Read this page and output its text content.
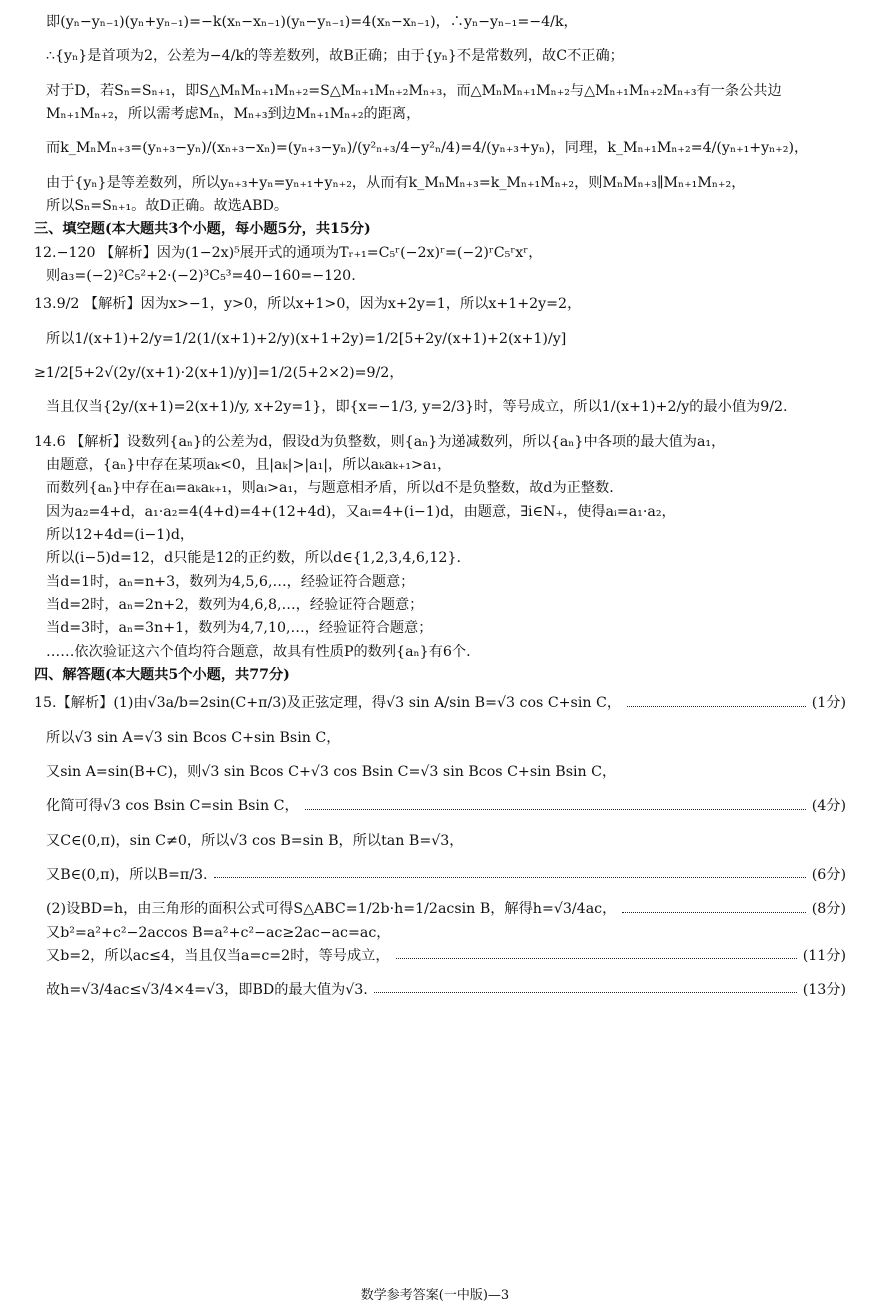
即(yₙ−yₙ₋₁)(yₙ+yₙ₋₁)=−k(xₙ−xₙ₋₁)(yₙ−yₙ₋₁)=4(xₙ−xₙ₋₁)，∴yₙ−yₙ₋₁=−4/k，
∴{yₙ}是首项为2，公差为−4/k的等差数列，故B正确；由于{yₙ}不是常数列，故C不正确；
对于D，若Sₙ=Sₙ₊₁，即S△MₙMₙ₊₁Mₙ₊₂=S△Mₙ₊₁Mₙ₊₂Mₙ₊₃，而△MₙMₙ₊₁Mₙ₊₂与△Mₙ₊₁Mₙ₊₂Mₙ₊₃有一条公共边
Mₙ₊₁Mₙ₊₂，所以需考虑Mₙ，Mₙ₊₃到边Mₙ₊₁Mₙ₊₂的距离，
而k_MₙMₙ₊₃=(yₙ₊₃−yₙ)/(xₙ₊₃−xₙ)=(yₙ₊₃−yₙ)/(y²ₙ₊₃/4−y²ₙ/4)=4/(yₙ₊₃+yₙ)，同理，k_Mₙ₊₁Mₙ₊₂=4/(yₙ₊₁+yₙ₊₂)，
由于{yₙ}是等差数列，所以yₙ₊₃+yₙ=yₙ₊₁+yₙ₊₂，从而有k_MₙMₙ₊₃=k_Mₙ₊₁Mₙ₊₂，则MₙMₙ₊₃∥Mₙ₊₁Mₙ₊₂，
所以Sₙ=Sₙ₊₁。故D正确。故选ABD。
三、填空题(本大题共3个小题，每小题5分，共15分)
12.−120 【解析】因为(1−2x)⁵展开式的通项为Tᵣ₊₁=C₅ʳ(−2x)ʳ=(−2)ʳC₅ʳxʳ，
则a₃=(−2)²C₅²+2·(−2)³C₅³=40−160=−120.
13.9/2 【解析】因为x>−1，y>0，所以x+1>0，因为x+2y=1，所以x+1+2y=2，
所以1/(x+1)+2/y=1/2(1/(x+1)+2/y)(x+1+2y)=1/2[5+2y/(x+1)+2(x+1)/y]
≥1/2[5+2√(2y/(x+1)·2(x+1)/y)]=1/2(5+2×2)=9/2，
当且仅当{2y/(x+1)=2(x+1)/y, x+2y=1}，即{x=−1/3, y=2/3}时，等号成立，所以1/(x+1)+2/y的最小值为9/2.
14.6 【解析】设数列{aₙ}的公差为d，假设d为负整数，则{aₙ}为递减数列，所以{aₙ}中各项的最大值为a₁，
由题意，{aₙ}中存在某项aₖ<0，且|aₖ|>|a₁|，所以aₖaₖ₊₁>a₁，
而数列{aₙ}中存在aᵢ=aₖaₖ₊₁，则aᵢ>a₁，与题意相矛盾，所以d不是负整数，故d为正整数.
因为a₂=4+d，a₁·a₂=4(4+d)=4+(12+4d)，又aᵢ=4+(i−1)d，由题意，∃i∈N₊，使得aᵢ=a₁·a₂，
所以12+4d=(i−1)d，
所以(i−5)d=12，d只能是12的正约数，所以d∈{1,2,3,4,6,12}.
当d=1时，aₙ=n+3，数列为4,5,6,…，经验证符合题意；
当d=2时，aₙ=2n+2，数列为4,6,8,…，经验证符合题意；
当d=3时，aₙ=3n+1，数列为4,7,10,…，经验证符合题意；
……依次验证这六个值均符合题意，故具有性质P的数列{aₙ}有6个.
四、解答题(本大题共5个小题，共77分)
15.【解析】(1)由√3a/b=2sin(C+π/3)及正弦定理，得√3 sin A/sin B=√3 cos C+sin C，	(1分)
所以√3 sin A=√3 sin Bcos C+sin Bsin C，
又sin A=sin(B+C)，则√3 sin Bcos C+√3 cos Bsin C=√3 sin Bcos C+sin Bsin C，
化简可得√3 cos Bsin C=sin Bsin C，	(4分)
又C∈(0,π)，sin C≠0，所以√3 cos B=sin B，所以tan B=√3，
又B∈(0,π)，所以B=π/3.	(6分)
(2)设BD=h，由三角形的面积公式可得S△ABC=1/2b·h=1/2acsin B，解得h=√3/4ac，	(8分)
又b²=a²+c²−2accos B=a²+c²−ac≥2ac−ac=ac，
又b=2，所以ac≤4，当且仅当a=c=2时，等号成立，	(11分)
故h=√3/4ac≤√3/4×4=√3，即BD的最大值为√3.	(13分)
数学参考答案(一中版)—3
